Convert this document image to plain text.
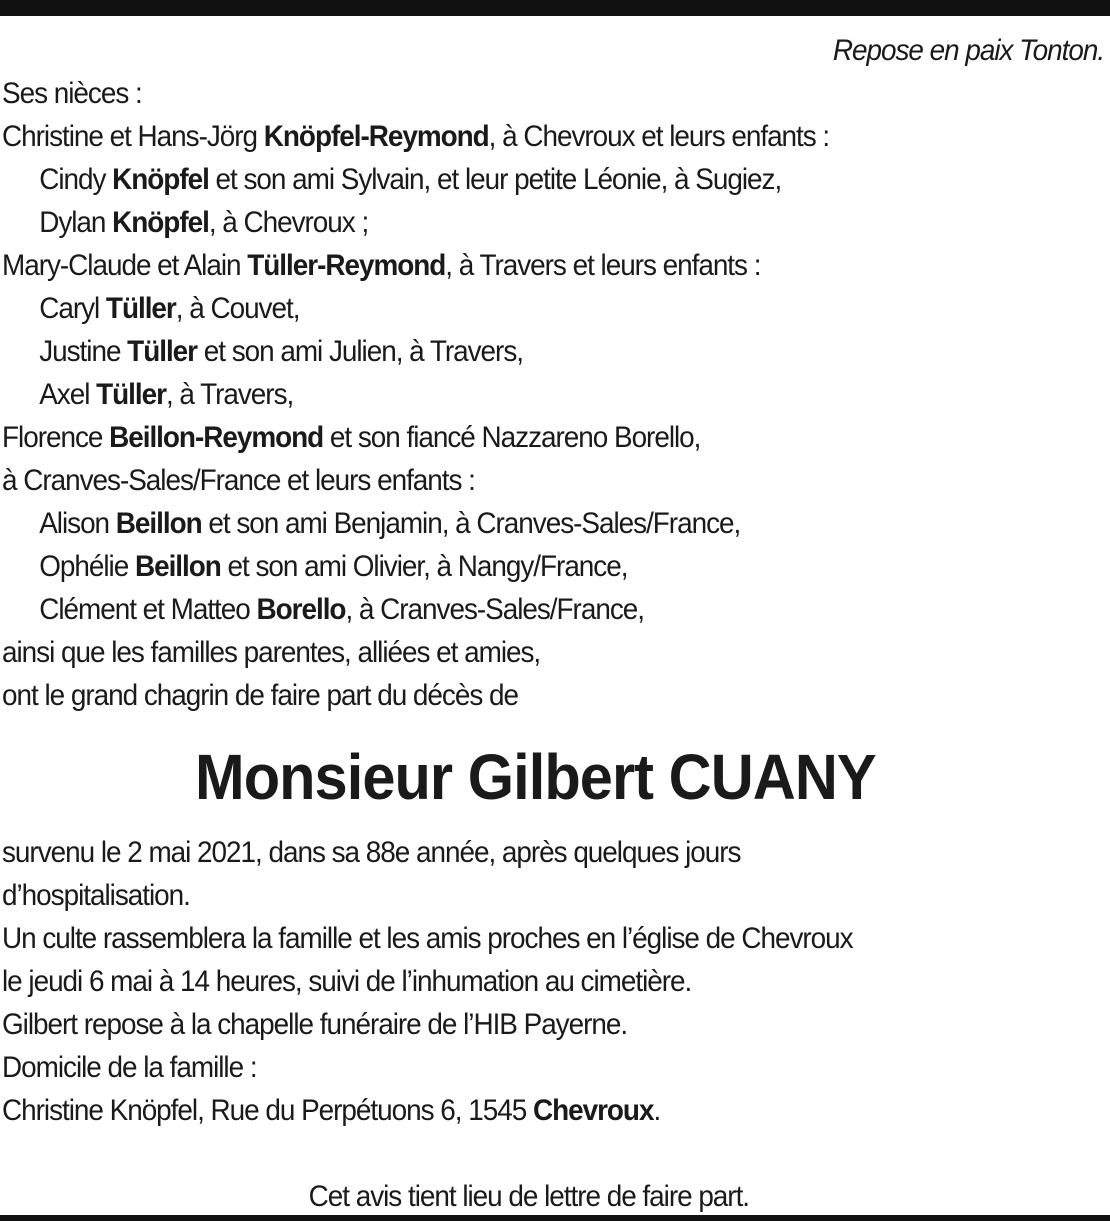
Repose en paix Tonton.
Ses nièces :
Christine et Hans-Jörg Knöpfel-Reymond, à Chevroux et leurs enfants :
Cindy Knöpfel et son ami Sylvain, et leur petite Léonie, à Sugiez,
Dylan Knöpfel, à Chevroux ;
Mary-Claude et Alain Tüller-Reymond, à Travers et leurs enfants :
Caryl Tüller, à Couvet,
Justine Tüller et son ami Julien, à Travers,
Axel Tüller, à Travers,
Florence Beillon-Reymond et son fiancé Nazzareno Borello,
à Cranves-Sales/France et leurs enfants :
Alison Beillon et son ami Benjamin, à Cranves-Sales/France,
Ophélie Beillon et son ami Olivier, à Nangy/France,
Clément et Matteo Borello, à Cranves-Sales/France,
ainsi que les familles parentes, alliées et amies,
ont le grand chagrin de faire part du décès de
Monsieur Gilbert CUANY
survenu le 2 mai 2021, dans sa 88e année, après quelques jours
d’hospitalisation.
Un culte rassemblera la famille et les amis proches en l’église de Chevroux
le jeudi 6 mai à 14 heures, suivi de l’inhumation au cimetière.
Gilbert repose à la chapelle funéraire de l’HIB Payerne.
Domicile de la famille :
Christine Knöpfel, Rue du Perpétuons 6, 1545 Chevroux.
Cet avis tient lieu de lettre de faire part.
